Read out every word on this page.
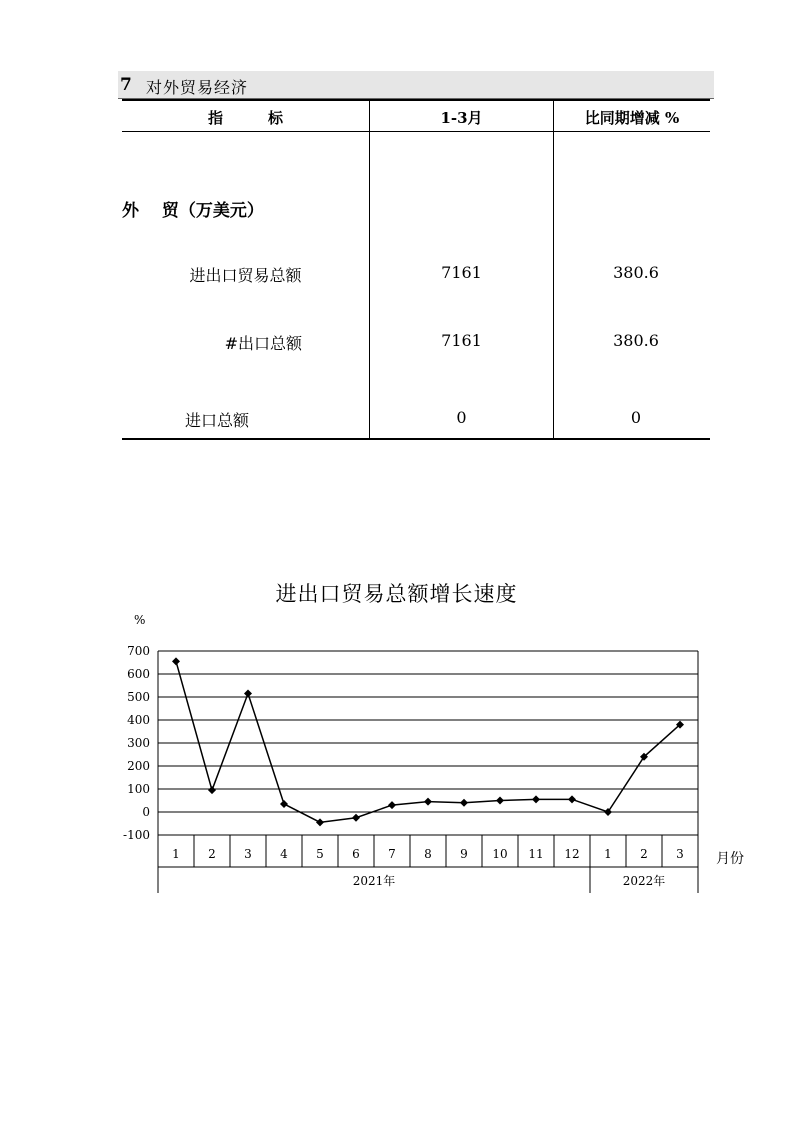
7 对外贸易经济
指　　　标	1-3月	比同期增减 %
外　 贸（万美元）
进出口贸易总额	7161	380.6
#出口总额	7161	380.6
进口总额	0	0
进出口贸易总额增长速度
700
600
500
400
300
200
100
0
-100
%
1 2 3 4 5 6 7 8 9 10 11 12 1 2 3
2021年	2022年
月份
